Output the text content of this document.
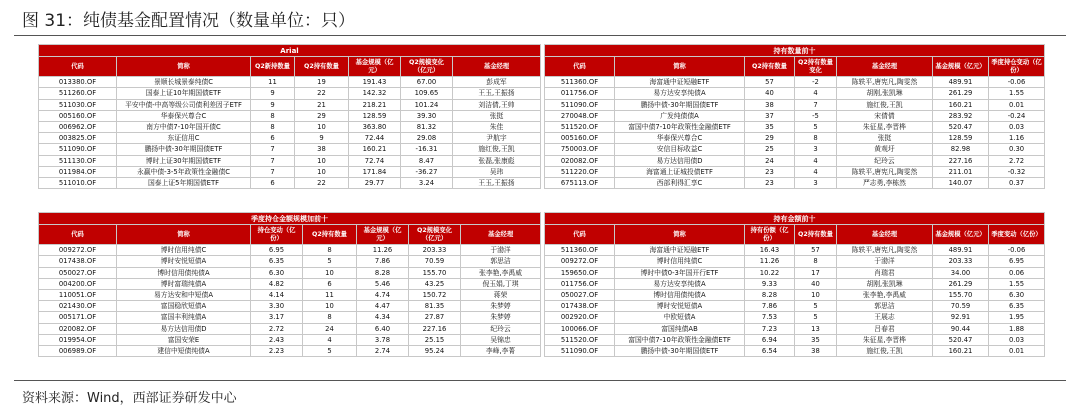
图 31：纯债基金配置情况（数量单位：只）
Arial						
代码	简称	Q2新持数量	Q2持有数量	基金规模（亿元）	Q2规模变化（亿元）	基金经理
013380.OF	景顺长城景泰纯债C	11	19	191.43	67.00	彭成军
511260.OF	国泰上证10年期国债ETF	9	22	142.32	109.65	王玉,王振扬
511030.OF	平安中债-中高等级公司债利差因子ETF	9	21	218.21	101.24	刘洁倩,王帅
005160.OF	华泰保兴尊合C	8	29	128.59	39.30	张挺
006962.OF	南方中债7-10年国开债C	8	10	363.80	81.32	朱佳
003825.OF	东证信用C	6	9	72.44	29.08	尹航宇
511090.OF	鹏扬中债-30年期国债ETF	7	38	160.21	-16.31	施红俊,王凯
511130.OF	博时上证30年期国债ETF	7	10	72.74	8.47	张磊,张康彪
011984.OF	永赢中债-3-5年政策性金融债C	7	10	171.84	-36.27	吴玮
511010.OF	国泰上证5年期国债ETF	6	22	29.77	3.24	王玉,王振扬
持有数量前十						
代码	简称	Q2持有数量	Q2持有数量变化	基金经理	基金规模（亿元）	季度持仓变动（亿份）
511360.OF	海富通中证短融ETF	57	-2	陈轶平,唐宪凡,陶雯然	489.91	-0.06
011756.OF	易方达安享纯债A	40	4	胡刚,张凯琳	261.29	1.55
511090.OF	鹏扬中债-30年期国债ETF	38	7	施红俊,王凯	160.21	0.01
270048.OF	广发纯债债A	37	-5	宋倩倩	283.92	-0.24
511520.OF	富国中债7-10年政策性金融债ETF	35	5	朱征星,李晋桦	520.47	0.03
005160.OF	华泰保兴尊合C	29	8	张挺	128.59	1.16
750003.OF	安信目标收益C	25	3	黄观圩	82.98	0.30
020082.OF	易方达信用债D	24	4	纪玲云	227.16	2.72
511220.OF	海富通上证城投债ETF	23	4	陈轶平,唐宪凡,陶雯然	211.01	-0.32
675113.OF	西部利得汇享C	23	3	严志勇,李栋然	140.07	0.37
季度持仓金额规模加前十						
代码	简称	持仓变动（亿份）	Q2持有数量	基金规模（亿元）	Q2规模变化（亿元）	基金经理
009272.OF	博时信用纯债C	6.95	8	11.26	203.33	于渤洋
017438.OF	博时安悦短债A	6.35	5	7.86	70.59	郭思洁
050027.OF	博时信用债纯债A	6.30	10	8.28	155.70	张李艳,李禹威
004200.OF	博时富瑞纯债A	4.82	6	5.46	43.25	倪玉娟,丁琪
110051.OF	易方达安和中短债A	4.14	11	4.74	150.72	蒋荣
021430.OF	富国稳欣短债A	3.30	10	4.47	81.35	朱梦婷
005171.OF	富国丰利纯债A	3.17	8	4.34	27.87	朱梦婷
020082.OF	易方达信用债D	2.72	24	6.40	227.16	纪玲云
019954.OF	富国安荣E	2.43	4	3.78	25.15	吴锦忠
006989.OF	建信中短债纯债A	2.23	5	2.74	95.24	李峰,李菁
持有金额前十						
代码	简称	持有份额（亿份）	Q2持有数量	基金经理	基金规模（亿元）	季度变动（亿份）
511360.OF	海富通中证短融ETF	16.43	57	陈轶平,唐宪凡,陶雯然	489.91	-0.06
009272.OF	博时信用纯债C	11.26	8	于渤洋	203.33	6.95
159650.OF	博时中债0-3年国开行ETF	10.22	17	肖瑞君	34.00	0.06
011756.OF	易方达安享纯债A	9.33	40	胡刚,张凯琳	261.29	1.55
050027.OF	博时信用债纯债A	8.28	10	张李艳,李禹威	155.70	6.30
017438.OF	博时安悦短债A	7.86	5	郭思洁	70.59	6.35
002920.OF	中欧短债A	7.53	5	王展志	92.91	1.95
100066.OF	富国纯债AB	7.23	13	吕春君	90.44	1.88
511520.OF	富国中债7-10年政策性金融债ETF	6.94	35	朱征星,李晋桦	520.47	0.03
511090.OF	鹏扬中债-30年期国债ETF	6.54	38	施红俊,王凯	160.21	0.01
资料来源：Wind，西部证券研发中心
